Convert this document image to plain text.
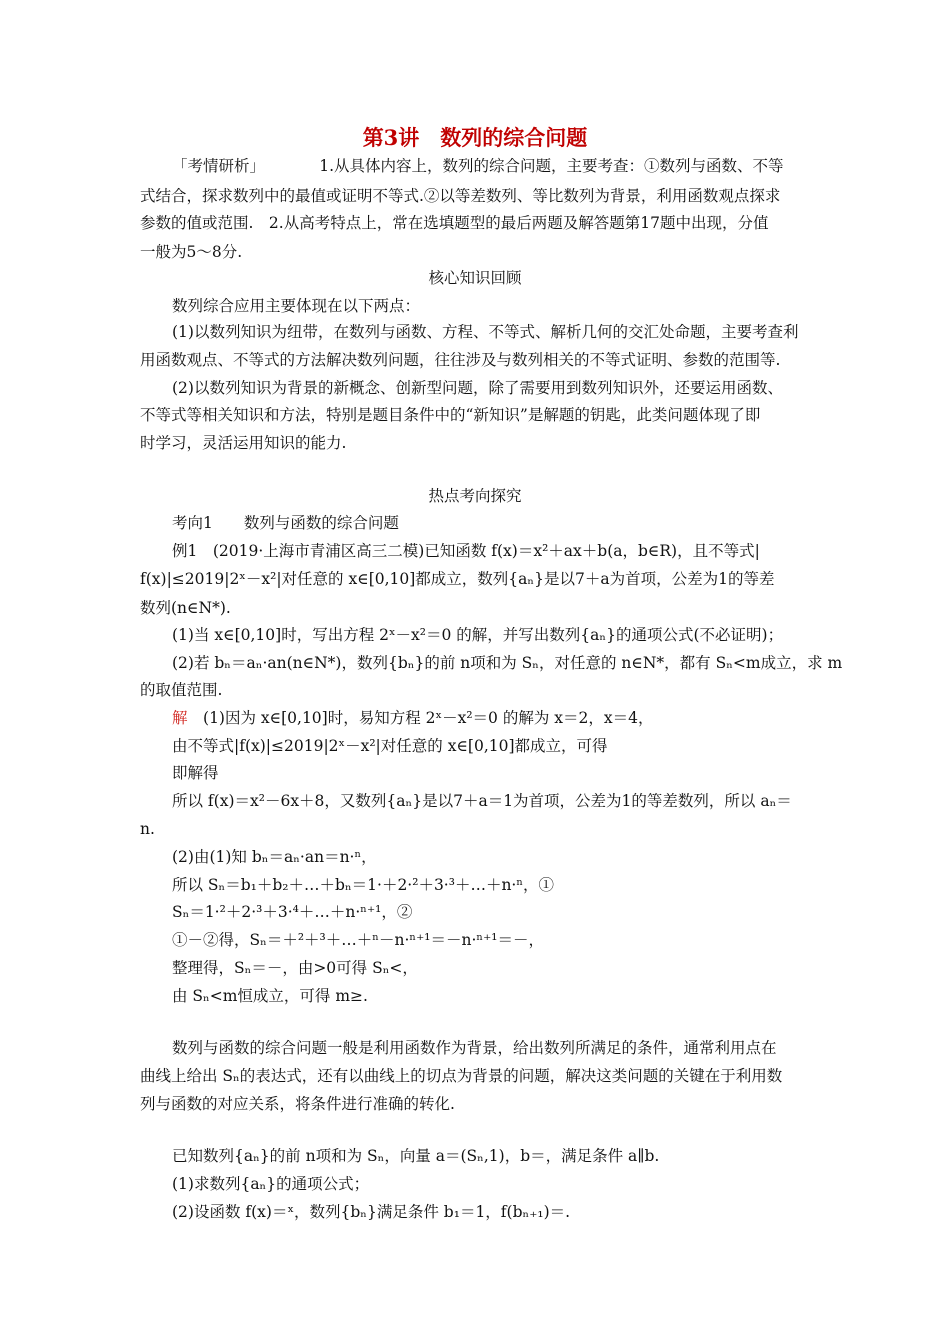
第3讲　数列的综合问题
「考情研析」　　　　1.从具体内容上，数列的综合问题，主要考查：①数列与函数、不等
式结合，探求数列中的最值或证明不等式.②以等差数列、等比数列为背景，利用函数观点探求
参数的值或范围.　2.从高考特点上，常在选填题型的最后两题及解答题第17题中出现，分值
一般为5～8分.
核心知识回顾
数列综合应用主要体现在以下两点：
(1)以数列知识为纽带，在数列与函数、方程、不等式、解析几何的交汇处命题，主要考查利
用函数观点、不等式的方法解决数列问题，往往涉及与数列相关的不等式证明、参数的范围等.
(2)以数列知识为背景的新概念、创新型问题，除了需要用到数列知识外，还要运用函数、
不等式等相关知识和方法，特别是题目条件中的“新知识”是解题的钥匙，此类问题体现了即
时学习，灵活运用知识的能力.
热点考向探究
考向1　　数列与函数的综合问题
例1　(2019·上海市青浦区高三二模)已知函数 f(x)＝x²＋ax＋b(a，b∈R)，且不等式|
f(x)|≤2019|2ˣ－x²|对任意的 x∈[0,10]都成立，数列{aₙ}是以7＋a为首项，公差为1的等差
数列(n∈N*).
(1)当 x∈[0,10]时，写出方程 2ˣ－x²＝0 的解，并写出数列{aₙ}的通项公式(不必证明)；
(2)若 bₙ＝aₙ·an(n∈N*)，数列{bₙ}的前 n项和为 Sₙ，对任意的 n∈N*，都有 Sₙ<m成立，求 m
的取值范围.
解　(1)因为 x∈[0,10]时，易知方程 2ˣ－x²＝0 的解为 x＝2，x＝4，
由不等式|f(x)|≤2019|2ˣ－x²|对任意的 x∈[0,10]都成立，可得
即解得
所以 f(x)＝x²－6x＋8，又数列{aₙ}是以7＋a＝1为首项，公差为1的等差数列，所以 aₙ＝
n.
(2)由(1)知 bₙ＝aₙ·an＝n·ⁿ，
所以 Sₙ＝b₁＋b₂＋…＋bₙ＝1·＋2·²＋3·³＋…＋n·ⁿ，①
Sₙ＝1·²＋2·³＋3·⁴＋…＋n·ⁿ⁺¹，②
①－②得，Sₙ＝＋²＋³＋…＋ⁿ－n·ⁿ⁺¹＝－n·ⁿ⁺¹＝－，
整理得，Sₙ＝－，由>0可得 Sₙ<，
由 Sₙ<m恒成立，可得 m≥.
数列与函数的综合问题一般是利用函数作为背景，给出数列所满足的条件，通常利用点在
曲线上给出 Sₙ的表达式，还有以曲线上的切点为背景的问题，解决这类问题的关键在于利用数
列与函数的对应关系，将条件进行准确的转化.
已知数列{aₙ}的前 n项和为 Sₙ，向量 a＝(Sₙ,1)，b＝，满足条件 a∥b.
(1)求数列{aₙ}的通项公式；
(2)设函数 f(x)＝ˣ，数列{bₙ}满足条件 b₁＝1，f(bₙ₊₁)＝.
